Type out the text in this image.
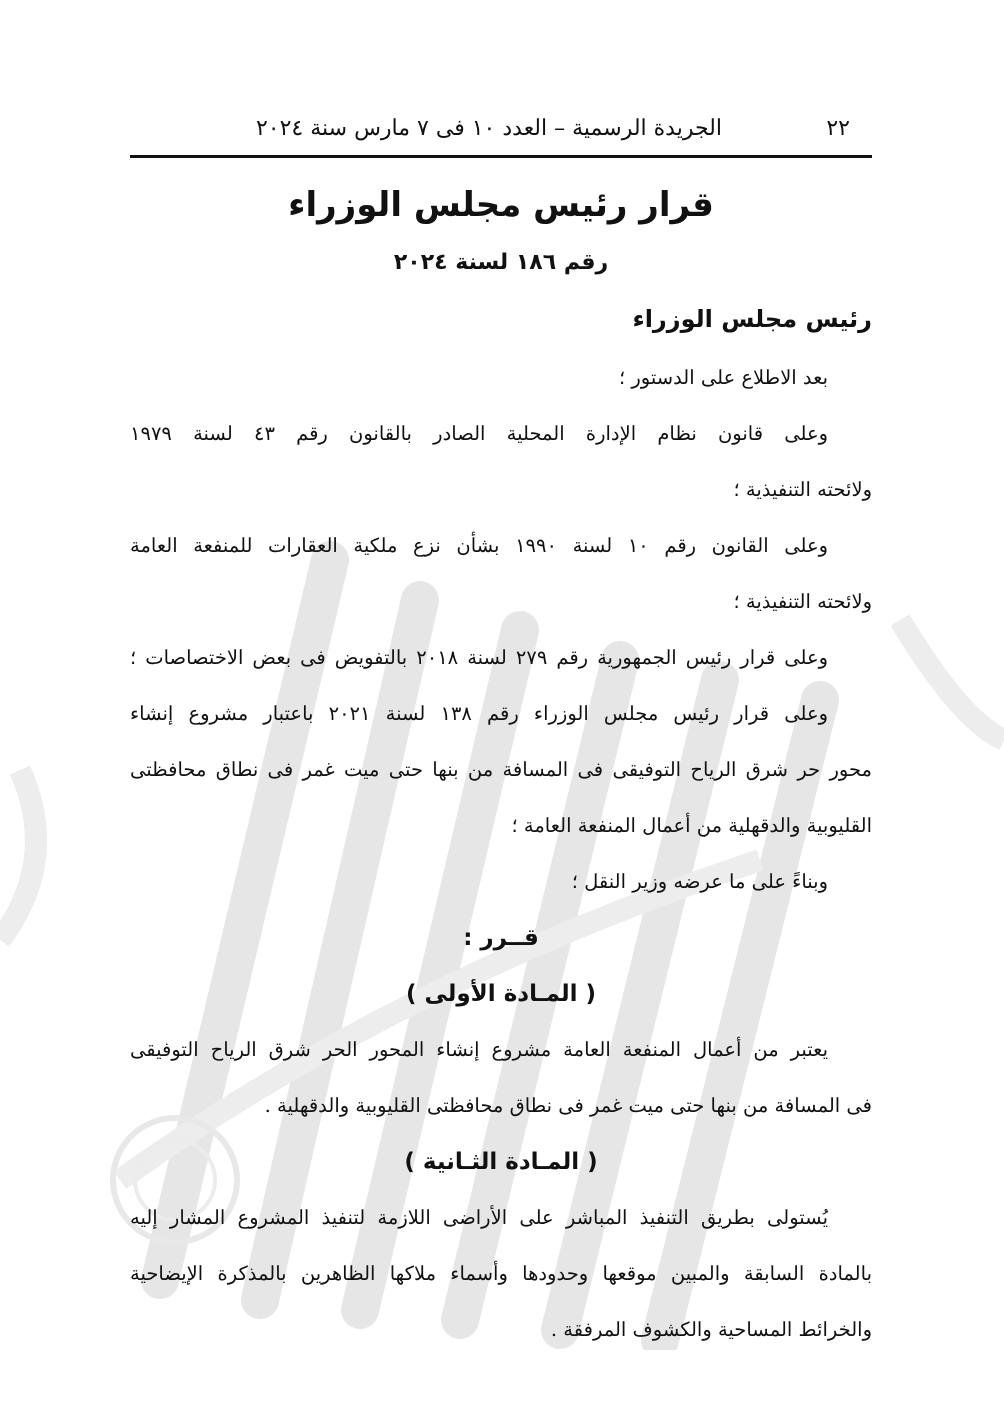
٢٢
الجريدة الرسمية – العدد ١٠ فى ٧ مارس سنة ٢٠٢٤
قرار رئيس مجلس الوزراء
رقم ١٨٦ لسنة ٢٠٢٤
رئيس مجلس الوزراء
بعد الاطلاع على الدستور ؛
وعلى قانون نظام الإدارة المحلية الصادر بالقانون رقم ٤٣ لسنة ١٩٧٩
ولائحته التنفيذية ؛
وعلى القانون رقم ١٠ لسنة ١٩٩٠ بشأن نزع ملكية العقارات للمنفعة العامة
ولائحته التنفيذية ؛
وعلى قرار رئيس الجمهورية رقم ٢٧٩ لسنة ٢٠١٨ بالتفويض فى بعض الاختصاصات ؛
وعلى قرار رئيس مجلس الوزراء رقم ١٣٨ لسنة ٢٠٢١ باعتبار مشروع إنشاء
محور حر شرق الرياح التوفيقى فى المسافة من بنها حتى ميت غمر فى نطاق محافظتى
القليوبية والدقهلية من أعمال المنفعة العامة ؛
وبناءً على ما عرضه وزير النقل ؛
قــرر :
( المـادة الأولى )
يعتبر من أعمال المنفعة العامة مشروع إنشاء المحور الحر شرق الرياح التوفيقى
فى المسافة من بنها حتى ميت غمر فى نطاق محافظتى القليوبية والدقهلية .
( المـادة الثـانية )
يُستولى بطريق التنفيذ المباشر على الأراضى اللازمة لتنفيذ المشروع المشار إليه
بالمادة السابقة والمبين موقعها وحدودها وأسماء ملاكها الظاهرين بالمذكرة الإيضاحية
والخرائط المساحية والكشوف المرفقة .
